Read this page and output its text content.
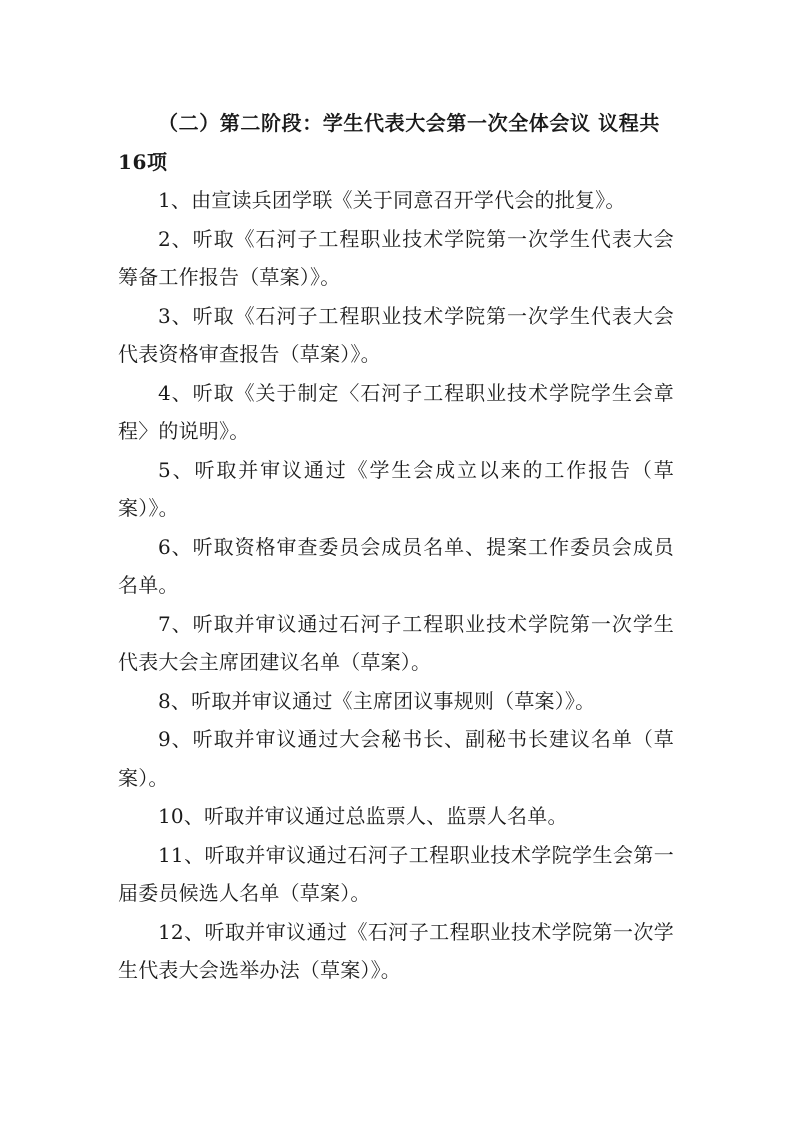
（二）第二阶段：学生代表大会第一次全体会议 议程共16项

1、由宣读兵团学联《关于同意召开学代会的批复》。

2、听取《石河子工程职业技术学院第一次学生代表大会筹备工作报告（草案）》。

3、听取《石河子工程职业技术学院第一次学生代表大会代表资格审查报告（草案）》。

4、听取《关于制定〈石河子工程职业技术学院学生会章程〉的说明》。

5、听取并审议通过《学生会成立以来的工作报告（草案）》。

6、听取资格审查委员会成员名单、提案工作委员会成员名单。

7、听取并审议通过石河子工程职业技术学院第一次学生代表大会主席团建议名单（草案）。

8、听取并审议通过《主席团议事规则（草案）》。

9、听取并审议通过大会秘书长、副秘书长建议名单（草案）。

10、听取并审议通过总监票人、监票人名单。

11、听取并审议通过石河子工程职业技术学院学生会第一届委员候选人名单（草案）。

12、听取并审议通过《石河子工程职业技术学院第一次学生代表大会选举办法（草案）》。
